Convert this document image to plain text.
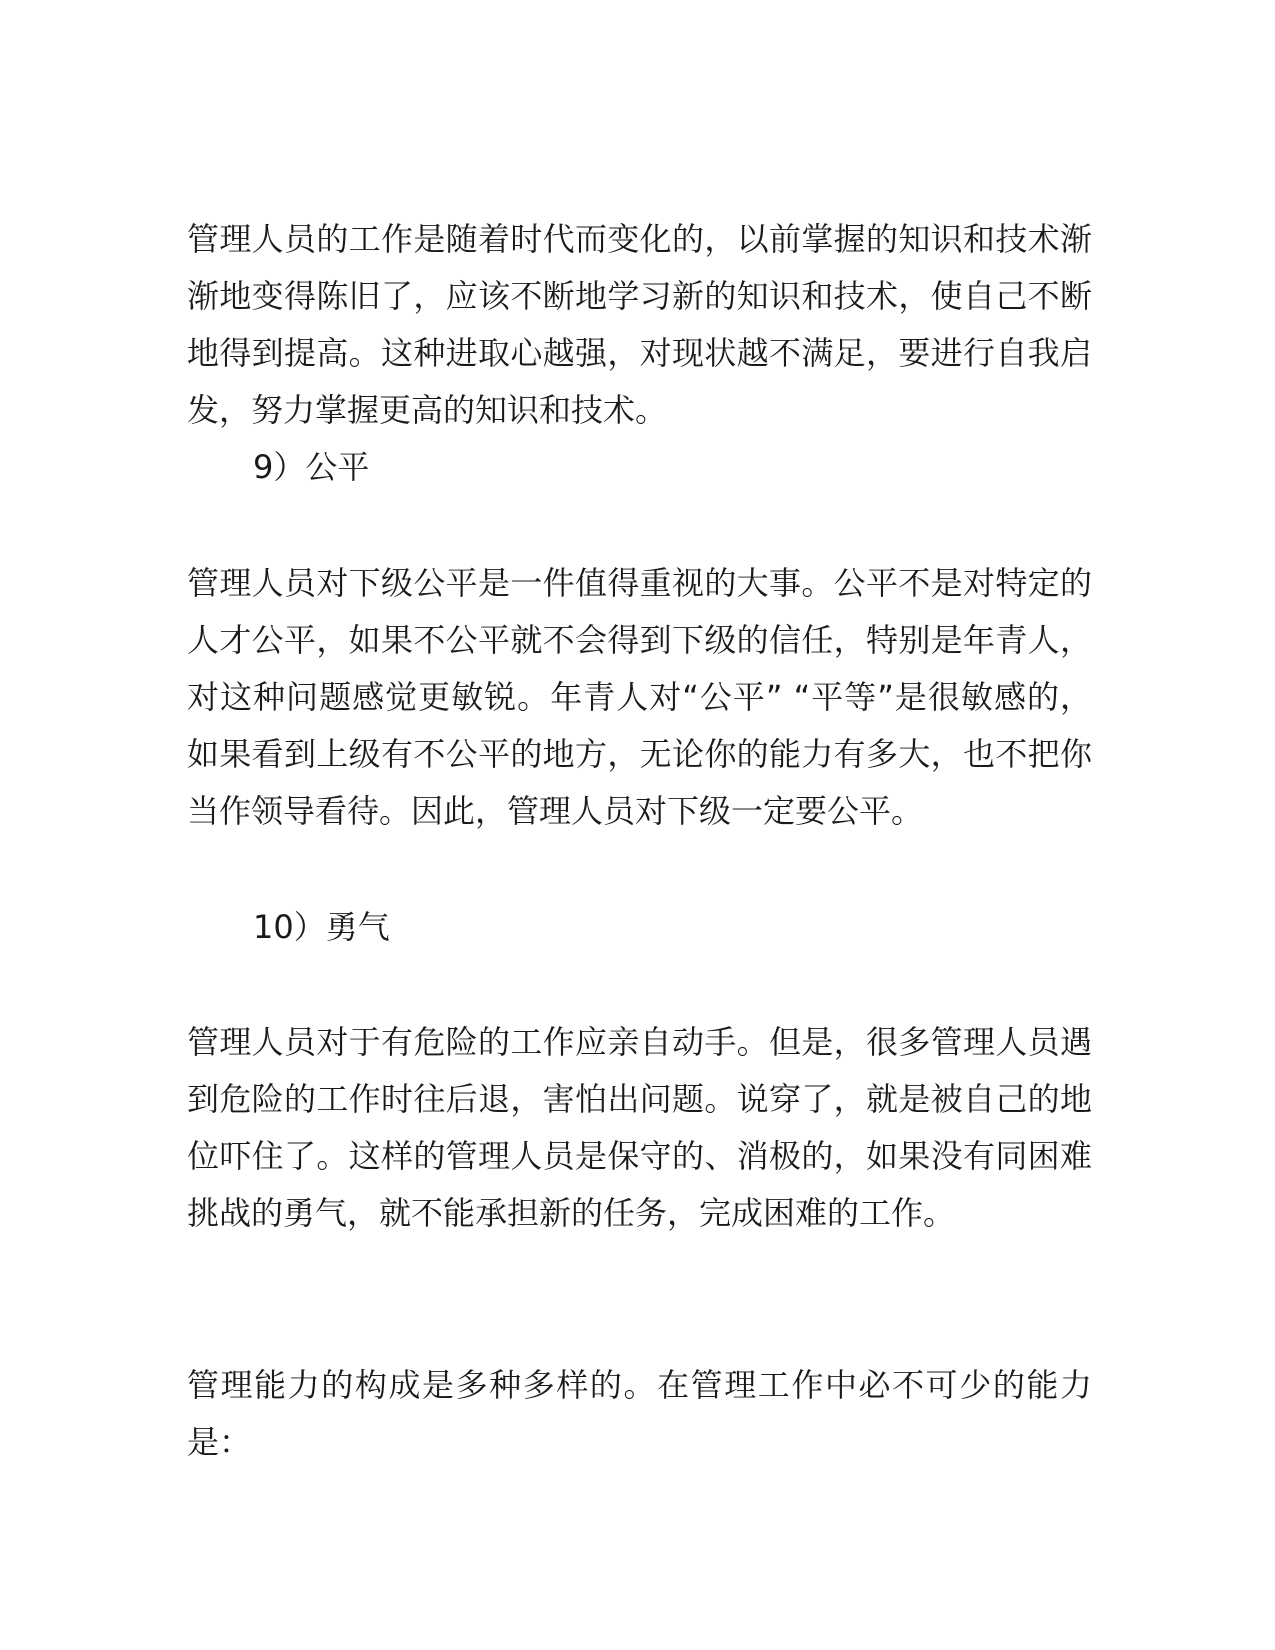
管理人员的工作是随着时代而变化的，以前掌握的知识和技术渐渐地变得陈旧了，应该不断地学习新的知识和技术，使自己不断地得到提高。这种进取心越强，对现状越不满足，要进行自我启发，努力掌握更高的知识和技术。

9）公平

管理人员对下级公平是一件值得重视的大事。公平不是对特定的人才公平，如果不公平就不会得到下级的信任，特别是年青人，对这种问题感觉更敏锐。年青人对“公平” “平等”是很敏感的，如果看到上级有不公平的地方，无论你的能力有多大，也不把你当作领导看待。因此，管理人员对下级一定要公平。

10）勇气

管理人员对于有危险的工作应亲自动手。但是，很多管理人员遇到危险的工作时往后退，害怕出问题。说穿了，就是被自己的地位吓住了。这样的管理人员是保守的、消极的，如果没有同困难挑战的勇气，就不能承担新的任务，完成困难的工作。

管理能力的构成是多种多样的。在管理工作中必不可少的能力是：
